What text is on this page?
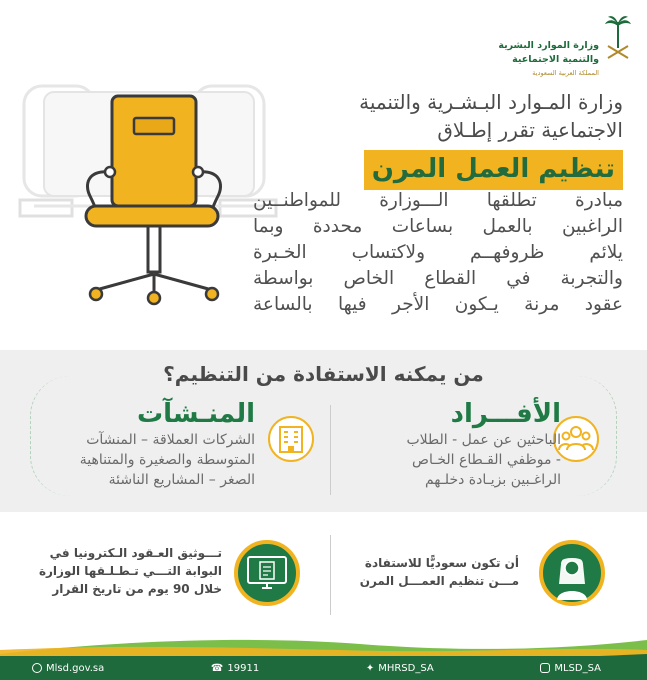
وزارة الموارد البشرية
والتنمية الاجتماعية
المملكة العربية السعودية
وزارة المـوارد البـشـرية والتنمية
الاجتماعية تقرر إطـلاق
تنظيم العمل المرن
مبادرة تطلقها الـــوزارة للمواطنــين
الراغبين بالعمل بساعات محددة وبما
يلائم ظروفهــم ولاكتساب الخـبرة
والتجربة في القطاع الخاص بواسطة
عقود مرنة يـكون الأجر فيها بالساعة
من يمكنه الاستفادة من التنظيم؟
الأفـــراد
الباحثين عن عمل - الطلاب
- موظفي القـطاع الخـاص
الراغـبين بزيـادة دخلـهم
المنـشآت
الشركات العملاقة – المنشآت
المتوسطة والصغيرة والمتناهية
الصغر – المشاريع الناشئة
أن تكون سعوديًّا للاستفادة
مـــن تنظيم العمـــل المرن
تـــوثيق العـقود الـكترونيا في
البوابة التـــي تـطـلـقها الوزارة
خلال 90 يوم من تاريخ القرار
Mlsd.gov.sa	☎ 19911	✦ MHRSD_SA	MLSD_SA
